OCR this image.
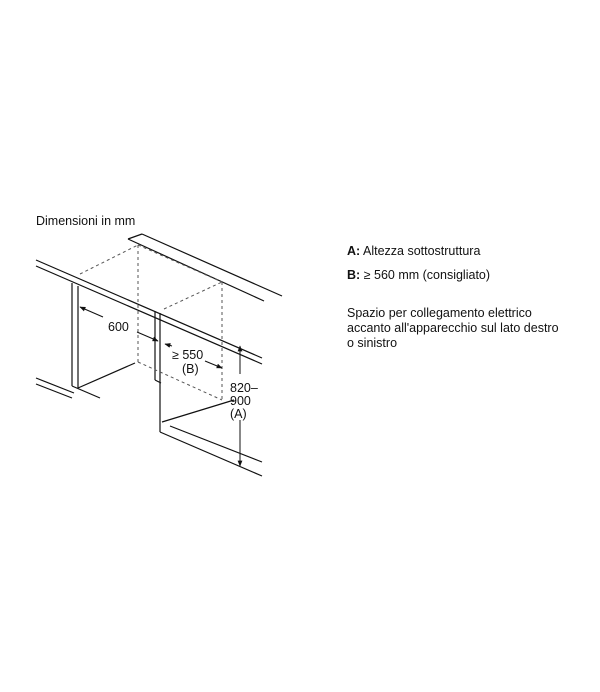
Dimensioni in mm
600
≥ 550
(B)
820–
900
(A)
A: Altezza sottostruttura
B: ≥ 560 mm (consigliato)
Spazio per collegamento elettrico
accanto all'apparecchio sul lato destro
o sinistro
